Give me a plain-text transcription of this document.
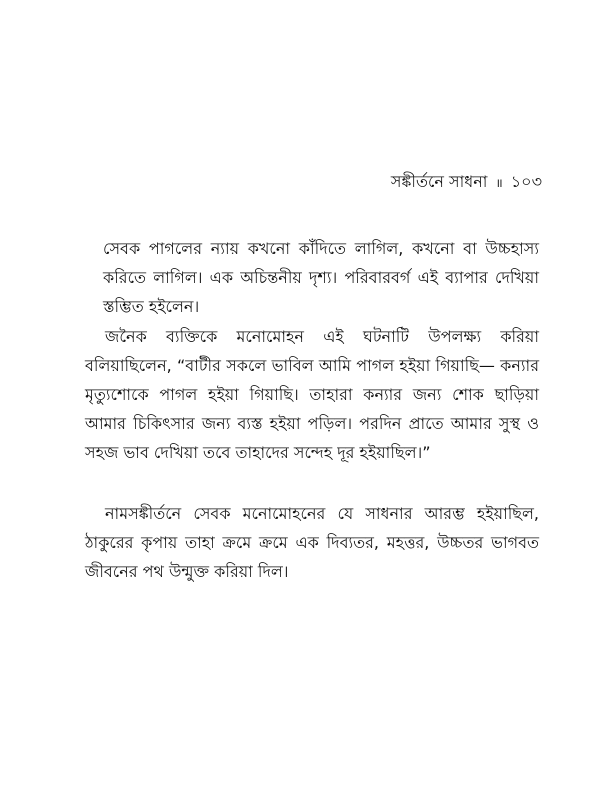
সঙ্কীর্তনে সাধনা ॥ ১০৩

সেবক পাগলের ন্যায় কখনো কাঁদিতে লাগিল, কখনো বা উচ্চহাস্য করিতে লাগিল। এক অচিন্তনীয় দৃশ্য। পরিবারবর্গ এই ব্যাপার দেখিয়া স্তম্ভিত হইলেন।

জনৈক ব্যক্তিকে মনোমোহন এই ঘটনাটি উপলক্ষ্য করিয়া বলিয়াছিলেন, “বাটীর সকলে ভাবিল আমি পাগল হইয়া গিয়াছি— কন্যার মৃত্যুশোকে পাগল হইয়া গিয়াছি। তাহারা কন্যার জন্য শোক ছাড়িয়া আমার চিকিৎসার জন্য ব্যস্ত হইয়া পড়িল। পরদিন প্রাতে আমার সুস্থ ও সহজ ভাব দেখিয়া তবে তাহাদের সন্দেহ দূর হইয়াছিল।”

নামসঙ্কীর্তনে সেবক মনোমোহনের যে সাধনার আরম্ভ হইয়াছিল, ঠাকুরের কৃপায় তাহা ক্রমে ক্রমে এক দিব্যতর, মহত্তর, উচ্চতর ভাগবত জীবনের পথ উন্মুক্ত করিয়া দিল।
